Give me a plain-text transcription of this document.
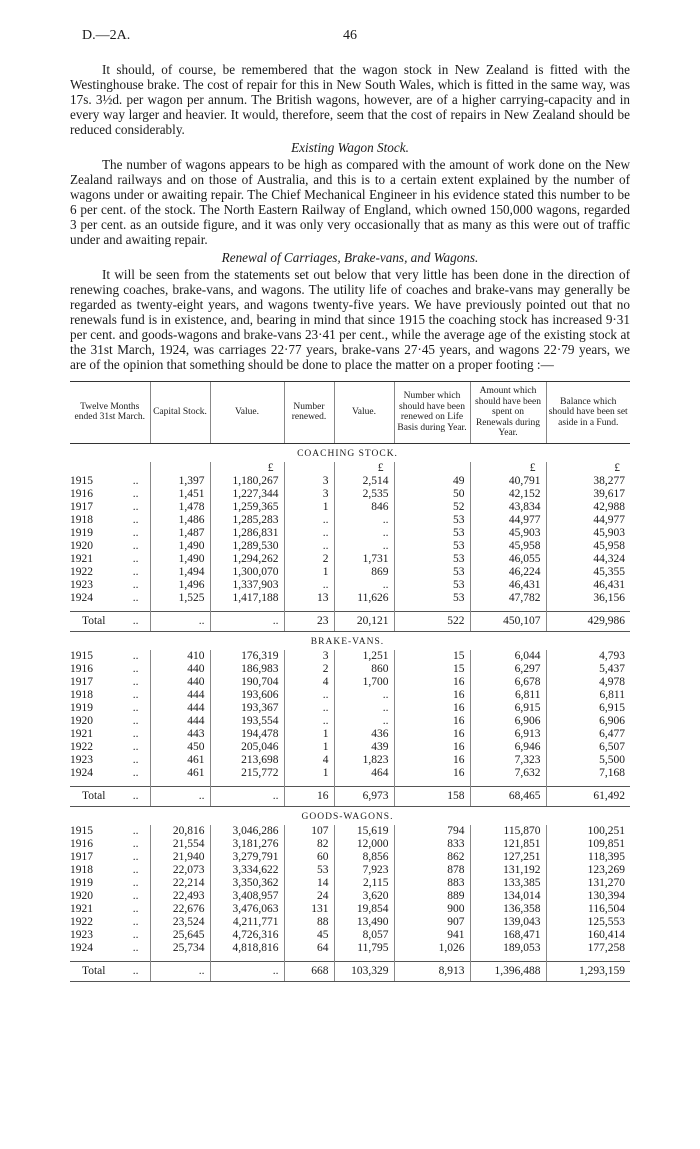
D.—2A.	46

It should, of course, be remembered that the wagon stock in New Zealand is fitted with the Westinghouse brake. The cost of repair for this in New South Wales, which is fitted in the same way, was 17s. 3½d. per wagon per annum. The British wagons, however, are of a higher carrying-capacity and in every way larger and heavier. It would, therefore, seem that the cost of repairs in New Zealand should be reduced considerably.

Existing Wagon Stock.

The number of wagons appears to be high as compared with the amount of work done on the New Zealand railways and on those of Australia, and this is to a certain extent explained by the number of wagons under or awaiting repair. The Chief Mechanical Engineer in his evidence stated this number to be 6 per cent. of the stock. The North Eastern Railway of England, which owned 150,000 wagons, regarded 3 per cent. as an outside figure, and it was only very occasionally that as many as this were out of traffic under and awaiting repair.

Renewal of Carriages, Brake-vans, and Wagons.

It will be seen from the statements set out below that very little has been done in the direction of renewing coaches, brake-vans, and wagons. The utility life of coaches and brake-vans may generally be regarded as twenty-eight years, and wagons twenty-five years. We have previously pointed out that no renewals fund is in existence, and, bearing in mind that since 1915 the coaching stock has increased 9·31 per cent. and goods-wagons and brake-vans 23·41 per cent., while the average age of the existing stock at the 31st March, 1924, was carriages 22·77 years, brake-vans 27·45 years, and wagons 22·79 years, we are of the opinion that something should be done to place the matter on a proper footing :—

Twelve Months ended 31st March.	Capital Stock.	Value.	Number renewed.	Value.	Number which should have been renewed on Life Basis during Year.	Amount which should have been spent on Renewals during Year.	Balance which should have been set aside in a Fund.
COACHING STOCK.							
		£		£		£	£
1915 ..	1,397	1,180,267	3	2,514	49	40,791	38,277
1916 ..	1,451	1,227,344	3	2,535	50	42,152	39,617
1917 ..	1,478	1,259,365	1	846	52	43,834	42,988
1918 ..	1,486	1,285,283	..	..	53	44,977	44,977
1919 ..	1,487	1,286,831	..	..	53	45,903	45,903
1920 ..	1,490	1,289,530	..	..	53	45,958	45,958
1921 ..	1,490	1,294,262	2	1,731	53	46,055	44,324
1922 ..	1,494	1,300,070	1	869	53	46,224	45,355
1923 ..	1,496	1,337,903	..	..	53	46,431	46,431
1924 ..	1,525	1,417,188	13	11,626	53	47,782	36,156

Total ..	..	..	23	20,121	522	450,107	429,986
BRAKE-VANS.							
1915 ..	410	176,319	3	1,251	15	6,044	4,793
1916 ..	440	186,983	2	860	15	6,297	5,437
1917 ..	440	190,704	4	1,700	16	6,678	4,978
1918 ..	444	193,606	..	..	16	6,811	6,811
1919 ..	444	193,367	..	..	16	6,915	6,915
1920 ..	444	193,554	..	..	16	6,906	6,906
1921 ..	443	194,478	1	436	16	6,913	6,477
1922 ..	450	205,046	1	439	16	6,946	6,507
1923 ..	461	213,698	4	1,823	16	7,323	5,500
1924 ..	461	215,772	1	464	16	7,632	7,168

Total ..	..	..	16	6,973	158	68,465	61,492
GOODS-WAGONS.							
1915 ..	20,816	3,046,286	107	15,619	794	115,870	100,251
1916 ..	21,554	3,181,276	82	12,000	833	121,851	109,851
1917 ..	21,940	3,279,791	60	8,856	862	127,251	118,395
1918 ..	22,073	3,334,622	53	7,923	878	131,192	123,269
1919 ..	22,214	3,350,362	14	2,115	883	133,385	131,270
1920 ..	22,493	3,408,957	24	3,620	889	134,014	130,394
1921 ..	22,676	3,476,063	131	19,854	900	136,358	116,504
1922 ..	23,524	4,211,771	88	13,490	907	139,043	125,553
1923 ..	25,645	4,726,316	45	8,057	941	168,471	160,414
1924 ..	25,734	4,818,816	64	11,795	1,026	189,053	177,258

Total ..	..	..	668	103,329	8,913	1,396,488	1,293,159
